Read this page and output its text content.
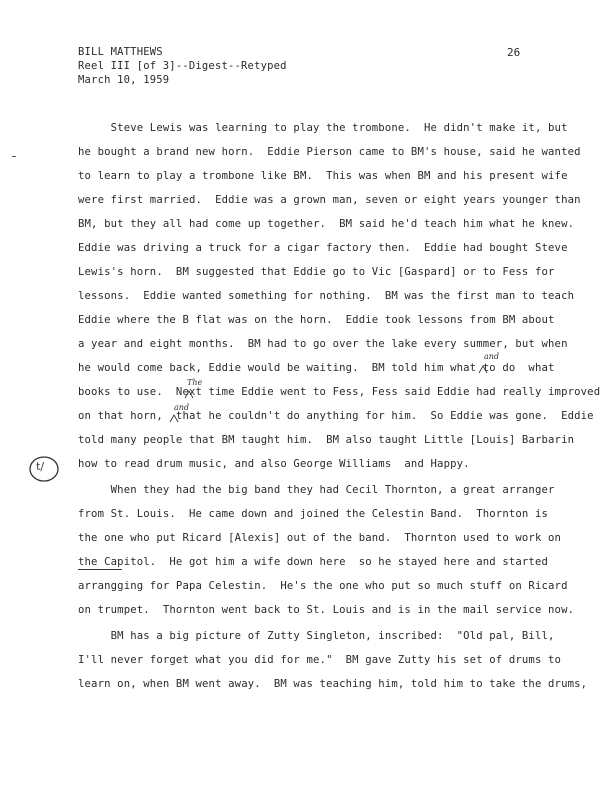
BILL MATTHEWS
Reel III [of 3]--Digest--Retyped
March 10, 1959
26
Steve Lewis was learning to play the trombone.  He didn't make it, but
he bought a brand new horn.  Eddie Pierson came to BM's house, said he wanted
to learn to play a trombone like BM.  This was when BM and his present wife
were first married.  Eddie was a grown man, seven or eight years younger than
BM, but they all had come up together.  BM said he'd teach him what he knew.
Eddie was driving a truck for a cigar factory then.  Eddie had bought Steve
Lewis's horn.  BM suggested that Eddie go to Vic [Gaspard] or to Fess for
lessons.  Eddie wanted something for nothing.  BM was the first man to teach
Eddie where the B flat was on the horn.  Eddie took lessons from BM about
a year and eight months.  BM had to go over the lake every summer, but when
he would come back, Eddie would be waiting.  BM told him what to do  what
books to use.  Next time Eddie went to Fess, Fess said Eddie had really improved
on that horn,  that he couldn't do anything for him.  So Eddie was gone.  Eddie
told many people that BM taught him.  BM also taught Little [Louis] Barbarin
how to read drum music, and also George Williams  and Happy.
When they had the big band they had Cecil Thornton, a great arranger
from St. Louis.  He came down and joined the Celestin Band.  Thornton is
the one who put Ricard [Alexis] out of the band.  Thornton used to work on
the Capitol.  He got him a wife down here  so he stayed here and started
arrangging for Papa Celestin.  He's the one who put so much stuff on Ricard
on trumpet.  Thornton went back to St. Louis and is in the mail service now.
BM has a big picture of Zutty Singleton, inscribed:  "Old pal, Bill,
I'll never forget what you did for me."  BM gave Zutty his set of drums to
learn on, when BM went away.  BM was teaching him, told him to take the drums,
and
The
and
t/
